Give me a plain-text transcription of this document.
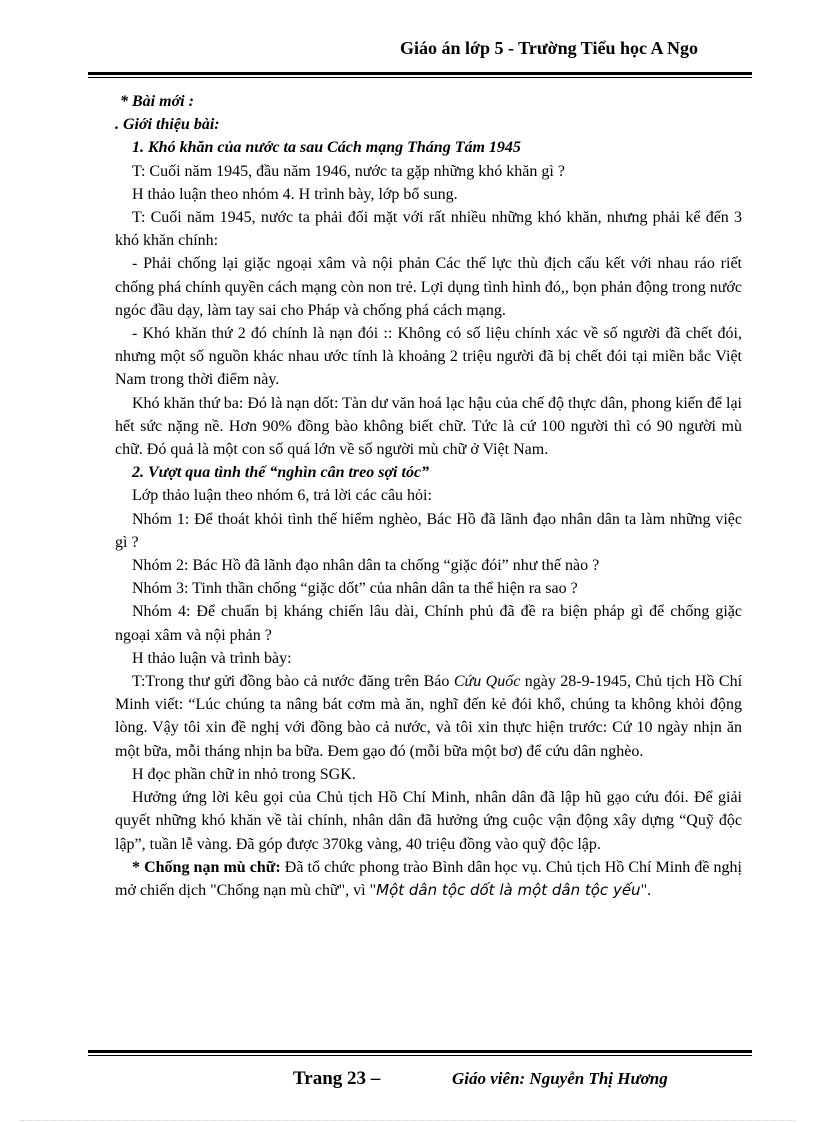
Giáo án lớp 5 - Trường Tiểu học A Ngo

* Bài mới :

. Giới thiệu bài:

1. Khó khăn của nước ta sau Cách mạng Tháng Tám 1945

T: Cuối năm 1945, đầu năm 1946, nước ta gặp những khó khăn gì ?

H thảo luận theo nhóm 4. H trình bày, lớp bổ sung.

T: Cuối năm 1945, nước ta phải đối mặt với rất nhiều những khó khăn, nhưng phải kể đến 3 khó khăn chính:

- Phải chống lại giặc ngoại xâm và nội phản Các thế lực thù địch cấu kết với nhau ráo riết chống phá chính quyền cách mạng còn non trẻ. Lợi dụng tình hình đó,, bọn phản động trong nước ngóc đầu dạy, làm tay sai cho Pháp và chống phá cách mạng.

- Khó khăn thứ 2 đó chính là nạn đói :: Không có số liệu chính xác về số người đã chết đói, nhưng một số nguồn khác nhau ước tính là khoảng 2 triệu người đã bị chết đói tại miền bắc Việt Nam trong thời điểm này.

Khó khăn thứ ba: Đó là nạn dốt: Tàn dư văn hoá lạc hậu của chế độ thực dân, phong kiến để lại hết sức nặng nề. Hơn 90% đồng bào không biết chữ. Tức là cứ 100 người thì có 90 người mù chữ. Đó quả là một con số quá lớn về số người mù chữ ở Việt Nam.

2. Vượt qua tình thế “nghìn cân treo sợi tóc”

Lớp thảo luận theo nhóm 6, trả lời các câu hỏi:

Nhóm 1: Để thoát khỏi tình thế hiểm nghèo, Bác Hồ đã lãnh đạo nhân dân ta làm những việc gì ?

Nhóm 2: Bác Hồ đã lãnh đạo nhân dân ta chống “giặc đói” như thế nào ?

Nhóm 3: Tinh thần chống “giặc dốt” của nhân dân ta thể hiện ra sao ?

Nhóm 4: Để chuẩn bị kháng chiến lâu dài, Chính phủ đã đề ra biện pháp gì để chống giặc ngoại xâm và nội phản ?

H thảo luận và trình bày:

T:Trong thư gửi đồng bào cả nước đăng trên Báo Cứu Quốc ngày 28-9-1945, Chủ tịch Hồ Chí Minh viết: “Lúc chúng ta nâng bát cơm mà ăn, nghĩ đến kẻ đói khổ, chúng ta không khỏi động lòng. Vậy tôi xin đề nghị với đồng bào cả nước, và tôi xin thực hiện trước: Cứ 10 ngày nhịn ăn một bữa, mỗi tháng nhịn ba bữa. Đem gạo đó (mỗi bữa một bơ) để cứu dân nghèo.

H đọc phần chữ in nhỏ trong SGK.

Hưởng ứng lời kêu gọi của Chủ tịch Hồ Chí Minh, nhân dân đã lập hũ gạo cứu đói. Để giải quyết những khó khăn về tài chính, nhân dân đã hưởng ứng cuộc vận động xây dựng “Quỹ độc lập”, tuần lễ vàng. Đã góp được 370kg vàng, 40 triệu đồng vào quỹ độc lập.

* Chống nạn mù chữ: Đã tổ chức phong trào Bình dân học vụ. Chủ tịch Hồ Chí Minh đề nghị mở chiến dịch "Chống nạn mù chữ", vì "Một dân tộc dốt là một dân tộc yếu".

Trang 23 –	Giáo viên: Nguyễn Thị Hương
